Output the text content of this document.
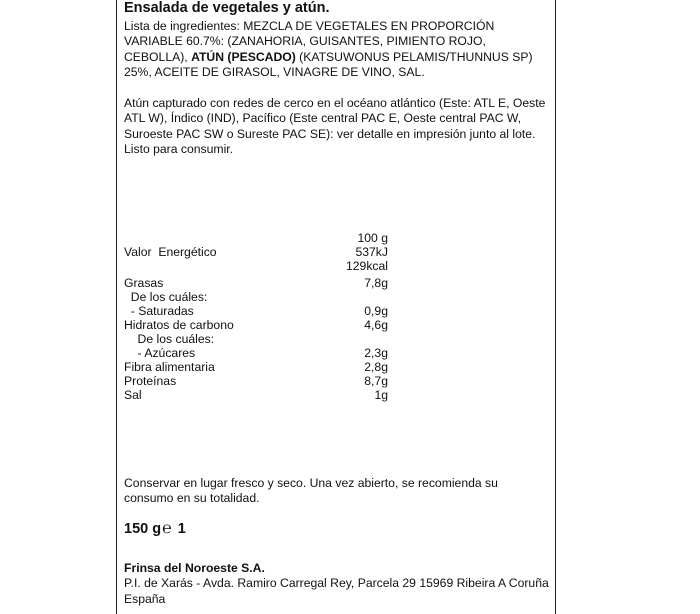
Ensalada de vegetales y atún.

Lista de ingredientes: MEZCLA DE VEGETALES EN PROPORCIÓN VARIABLE 60.7%: (ZANAHORIA, GUISANTES, PIMIENTO ROJO, CEBOLLA), ATÚN (PESCADO) (KATSUWONUS PELAMIS/THUNNUS SP) 25%, ACEITE DE GIRASOL, VINAGRE DE VINO, SAL.

Atún capturado con redes de cerco en el océano atlántico (Este: ATL E, Oeste ATL W), Índico (IND), Pacífico (Este central PAC E, Oeste central PAC W, Suroeste PAC SW o Sureste PAC SE): ver detalle en impresión junto al lote.

Listo para consumir.

100 g
Valor  Energético	537kJ
129kcal
Grasas	7,8g
De los cuáles:
- Saturadas	0,9g
Hidratos de carbono	4,6g
De los cuáles:
- Azúcares	2,3g
Fibra alimentaria	2,8g
Proteínas	8,7g
Sal	1g

Conservar en lugar fresco y seco. Una vez abierto, se recomienda su consumo en su totalidad.

150 g℮ 1
Frinsa del Noroeste S.A.
P.I. de Xarás - Avda. Ramiro Carregal Rey, Parcela 29 15969 Ribeira A Coruña
España
